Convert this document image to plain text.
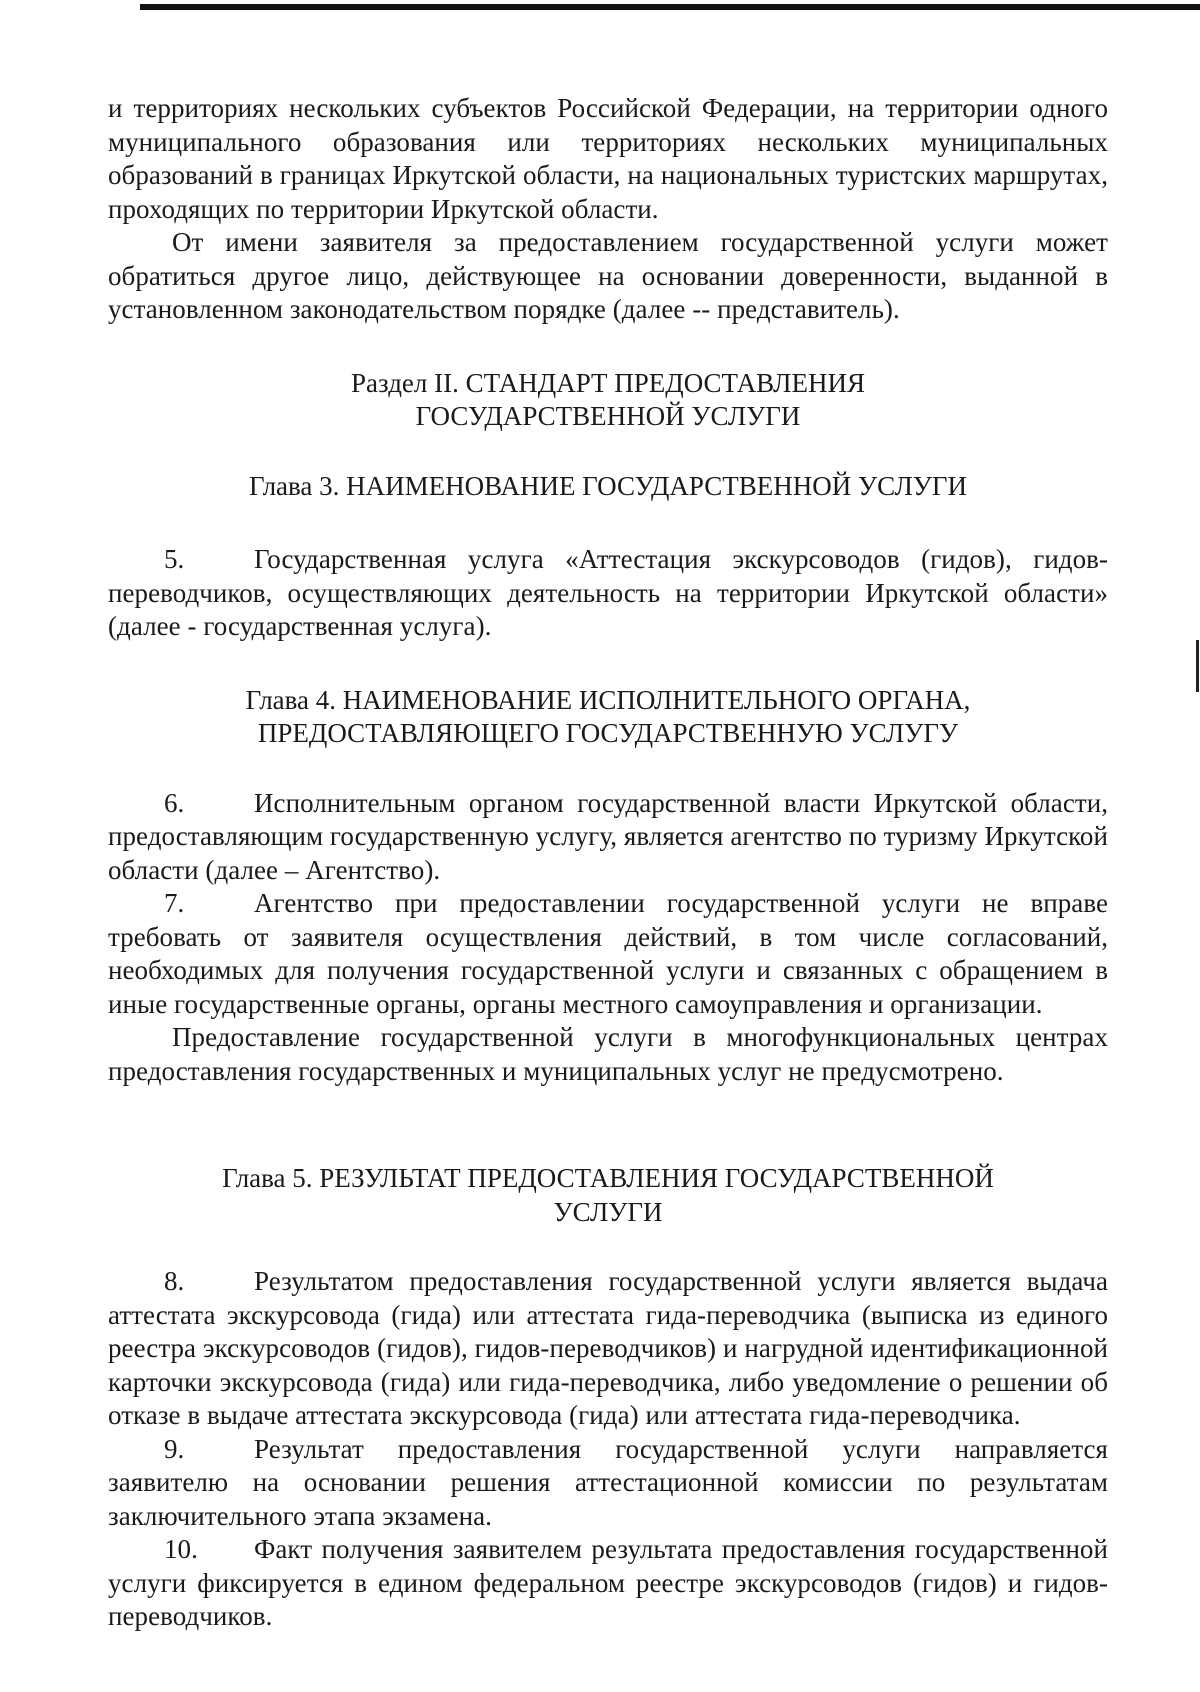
и территориях нескольких субъектов Российской Федерации, на территории одного муниципального образования или территориях нескольких муниципальных образований в границах Иркутской области, на национальных туристских маршрутах, проходящих по территории Иркутской области.

От имени заявителя за предоставлением государственной услуги может обратиться другое лицо, действующее на основании доверенности, выданной в установленном законодательством порядке (далее -- представитель).

Раздел II. СТАНДАРТ ПРЕДОСТАВЛЕНИЯ
ГОСУДАРСТВЕННОЙ УСЛУГИ
Глава 3. НАИМЕНОВАНИЕ ГОСУДАРСТВЕННОЙ УСЛУГИ

5.	Государственная услуга «Аттестация экскурсоводов (гидов), гидов-переводчиков, осуществляющих деятельность на территории Иркутской области» (далее - государственная услуга).

Глава 4. НАИМЕНОВАНИЕ ИСПОЛНИТЕЛЬНОГО ОРГАНА,
ПРЕДОСТАВЛЯЮЩЕГО ГОСУДАРСТВЕННУЮ УСЛУГУ

6.	Исполнительным органом государственной власти Иркутской области, предоставляющим государственную услугу, является агентство по туризму Иркутской области (далее – Агентство).

7.	Агентство при предоставлении государственной услуги не вправе требовать от заявителя осуществления действий, в том числе согласований, необходимых для получения государственной услуги и связанных с обращением в иные государственные органы, органы местного самоуправления и организации.

Предоставление государственной услуги в многофункциональных центрах предоставления государственных и муниципальных услуг не предусмотрено.

Глава 5. РЕЗУЛЬТАТ ПРЕДОСТАВЛЕНИЯ ГОСУДАРСТВЕННОЙ
УСЛУГИ

8.	Результатом предоставления государственной услуги является выдача аттестата экскурсовода (гида) или аттестата гида-переводчика (выписка из единого реестра экскурсоводов (гидов), гидов-переводчиков) и нагрудной идентификационной карточки экскурсовода (гида) или гида-переводчика, либо уведомление о решении об отказе в выдаче аттестата экскурсовода (гида) или аттестата гида-переводчика.

9.	Результат предоставления государственной услуги направляется заявителю на основании решения аттестационной комиссии по результатам заключительного этапа экзамена.

10. Факт получения заявителем результата предоставления государственной услуги фиксируется в едином федеральном реестре экскурсоводов (гидов) и гидов-переводчиков.
